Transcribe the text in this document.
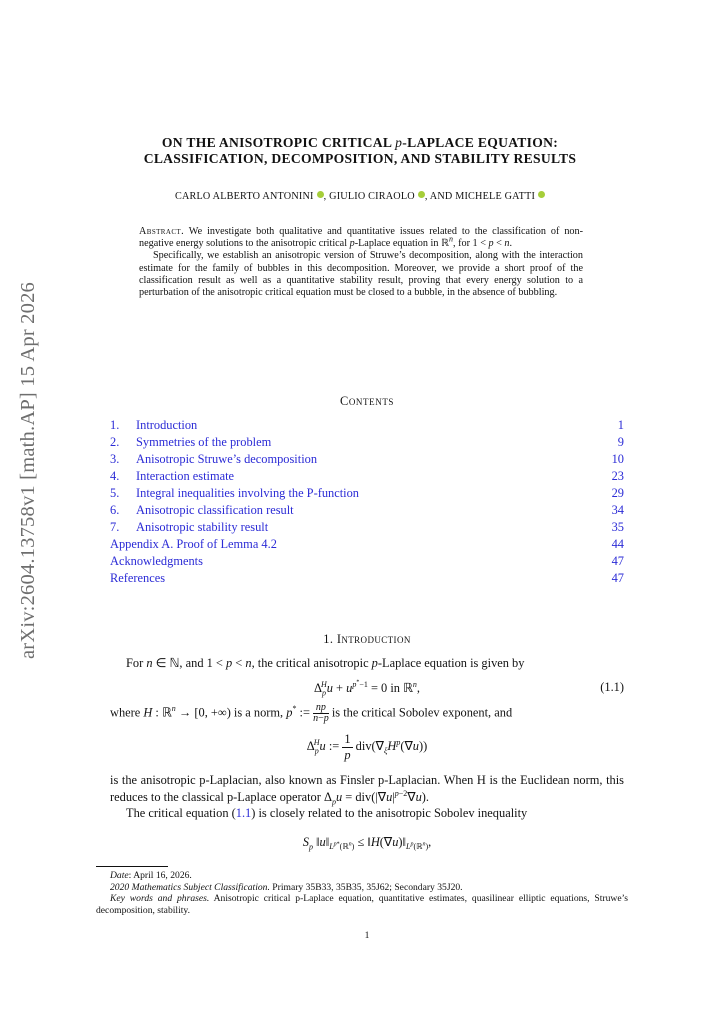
arXiv:2604.13758v1 [math.AP] 15 Apr 2026
ON THE ANISOTROPIC CRITICAL p-LAPLACE EQUATION:
CLASSIFICATION, DECOMPOSITION, AND STABILITY RESULTS
CARLO ALBERTO ANTONINI , GIULIO CIRAOLO , AND MICHELE GATTI

Abstract. We investigate both qualitative and quantitative issues related to the classification of non-negative energy solutions to the anisotropic critical p-Laplace equation in ℝ$^n$, for 1 < p < n.

Specifically, we establish an anisotropic version of Struwe’s decomposition, along with the interaction estimate for the family of bubbles in this decomposition. Moreover, we provide a short proof of the classification result as well as a quantitative stability result, proving that every energy solution to a perturbation of the anisotropic critical equation must be closed to a bubble, in the absence of bubbling.

Contents
1. Introduction	1
2. Symmetries of the problem	9
3. Anisotropic Struwe’s decomposition	10
4. Interaction estimate	23
5. Integral inequalities involving the P-function	29
6. Anisotropic classification result	34
7. Anisotropic stability result	35
Appendix A. Proof of Lemma 4.2	44
Acknowledgments	47
References	47
1. Introduction

For n ∈ ℕ, and 1 < p < n, the critical anisotropic p-Laplace equation is given by

$\Delta_p^Hu + u^{p^*-1} = 0$ in ℝ$^n$,	(1.1)

where H : ℝ$^n$ → [0, +∞) is a norm, p* := $\frac{np}{n-p}$ is the critical Sobolev exponent, and

$\Delta_p^Hu$ := $\frac{1}{p} div(\nabla_\xi H^p(\nabla u))$

is the anisotropic p-Laplacian, also known as Finsler p-Laplacian. When H is the Euclidean norm, this reduces to the classical p-Laplace operator $\Delta_pu = div(|\nabla u|^{p-2}\nabla u)$.

The critical equation (1.1) is closely related to the anisotropic Sobolev inequality

$S_p$ $‖u‖_{L^{p*}(ℝ^n)}$ ≤ $‖H(\nabla u)‖_{L^p(ℝ^n)}$,

Date: April 16, 2026.

2020 Mathematics Subject Classification. Primary 35B33, 35B35, 35J62; Secondary 35J20.

Key words and phrases. Anisotropic critical p-Laplace equation, quantitative estimates, quasilinear elliptic equations, Struwe’s decomposition, stability.

1
